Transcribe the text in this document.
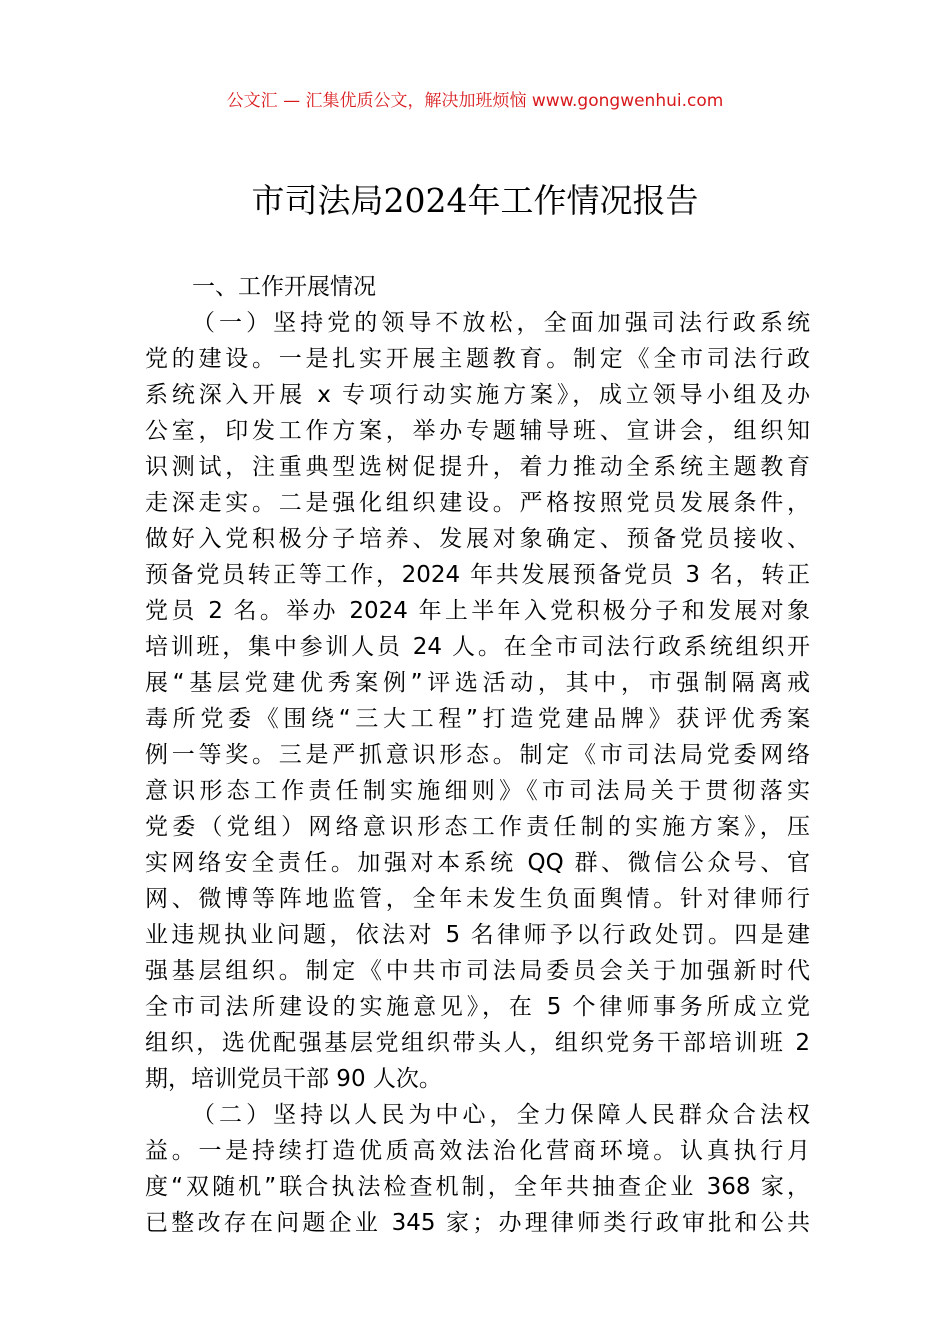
公文汇 — 汇集优质公文，解决加班烦恼 www.gongwenhui.com
市司法局2024年工作情况报告
一、工作开展情况
（一）坚持党的领导不放松，全面加强司法行政系统
党的建设。一是扎实开展主题教育。制定《全市司法行政
系统深入开展 x 专项行动实施方案》，成立领导小组及办
公室，印发工作方案，举办专题辅导班、宣讲会，组织知
识测试，注重典型选树促提升，着力推动全系统主题教育
走深走实。二是强化组织建设。严格按照党员发展条件，
做好入党积极分子培养、发展对象确定、预备党员接收、
预备党员转正等工作，2024 年共发展预备党员 3 名，转正
党员 2 名。举办 2024 年上半年入党积极分子和发展对象
培训班，集中参训人员 24 人。在全市司法行政系统组织开
展“基层党建优秀案例”评选活动，其中，市强制隔离戒
毒所党委《围绕“三大工程”打造党建品牌》获评优秀案
例一等奖。三是严抓意识形态。制定《市司法局党委网络
意识形态工作责任制实施细则》《市司法局关于贯彻落实
党委（党组）网络意识形态工作责任制的实施方案》，压
实网络安全责任。加强对本系统 QQ 群、微信公众号、官
网、微博等阵地监管，全年未发生负面舆情。针对律师行
业违规执业问题，依法对 5 名律师予以行政处罚。四是建
强基层组织。制定《中共市司法局委员会关于加强新时代
全市司法所建设的实施意见》，在 5 个律师事务所成立党
组织，选优配强基层党组织带头人，组织党务干部培训班 2
期，培训党员干部 90 人次。
（二）坚持以人民为中心，全力保障人民群众合法权
益。一是持续打造优质高效法治化营商环境。认真执行月
度“双随机”联合执法检查机制，全年共抽查企业 368 家，
已整改存在问题企业 345 家；办理律师类行政审批和公共
